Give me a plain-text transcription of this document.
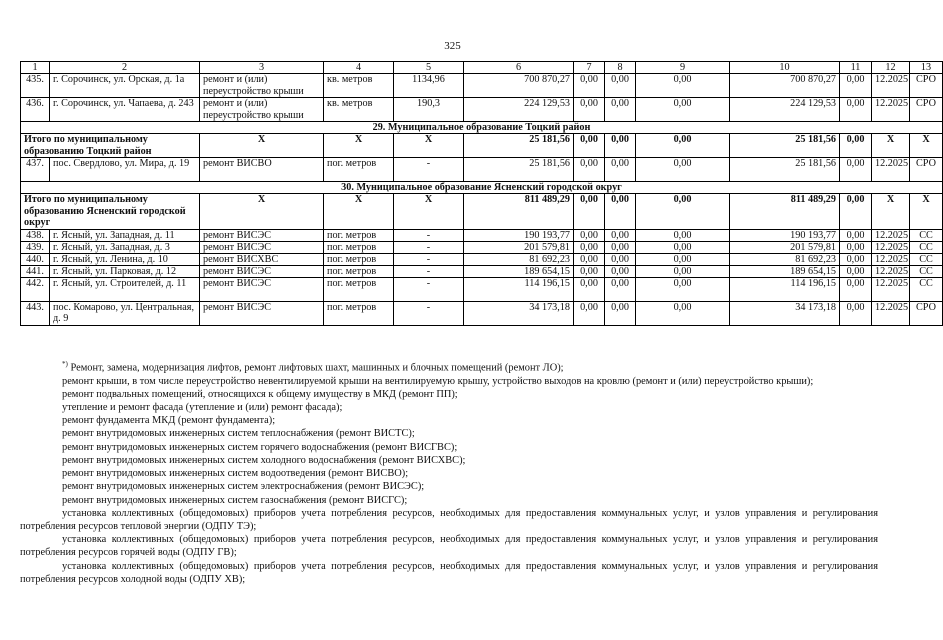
325
1	2	3	4	5	6	7	8	9	10	11	12	13
435.	г. Сорочинск, ул. Орская, д. 1а	ремонт и (или) переустройство крыши	кв. метров	1134,96	700 870,27	0,00	0,00	0,00	700 870,27	0,00	12.2025	СРО
436.	г. Сорочинск, ул. Чапаева, д. 243	ремонт и (или) переустройство крыши	кв. метров	190,3	224 129,53	0,00	0,00	0,00	224 129,53	0,00	12.2025	СРО
29. Муниципальное образование Тоцкий район												
Итого по муниципальному образованию Тоцкий район		Х	Х	Х	25 181,56	0,00	0,00	0,00	25 181,56	0,00	Х	Х
437.	пос. Свердлово, ул. Мира, д. 19	ремонт ВИСВО	пог. метров	-	25 181,56	0,00	0,00	0,00	25 181,56	0,00	12.2025	СРО
30. Муниципальное образование Ясненский городской округ												
Итого по муниципальному образованию Ясненский городской округ		Х	Х	Х	811 489,29	0,00	0,00	0,00	811 489,29	0,00	Х	Х
438.	г. Ясный, ул. Западная, д. 11	ремонт ВИСЭС	пог. метров	-	190 193,77	0,00	0,00	0,00	190 193,77	0,00	12.2025	СС
439.	г. Ясный, ул. Западная, д. 3	ремонт ВИСЭС	пог. метров	-	201 579,81	0,00	0,00	0,00	201 579,81	0,00	12.2025	СС
440.	г. Ясный, ул. Ленина, д. 10	ремонт ВИСХВС	пог. метров	-	81 692,23	0,00	0,00	0,00	81 692,23	0,00	12.2025	СС
441.	г. Ясный, ул. Парковая, д. 12	ремонт ВИСЭС	пог. метров	-	189 654,15	0,00	0,00	0,00	189 654,15	0,00	12.2025	СС
442.	г. Ясный, ул. Строителей, д. 11	ремонт ВИСЭС	пог. метров	-	114 196,15	0,00	0,00	0,00	114 196,15	0,00	12.2025	СС
443.	пос. Комарово, ул. Центральная, д. 9	ремонт ВИСЭС	пог. метров	-	34 173,18	0,00	0,00	0,00	34 173,18	0,00	12.2025	СРО

*) Ремонт, замена, модернизация лифтов, ремонт лифтовых шахт, машинных и блочных помещений (ремонт ЛО);

ремонт крыши, в том числе переустройство невентилируемой крыши на вентилируемую крышу, устройство выходов на кровлю (ремонт и (или) переустройство крыши);

ремонт подвальных помещений, относящихся к общему имуществу в МКД (ремонт ПП);

утепление и ремонт фасада (утепление и (или) ремонт фасада);

ремонт фундамента МКД (ремонт фундамента);

ремонт внутридомовых инженерных систем теплоснабжения (ремонт ВИСТС);

ремонт внутридомовых инженерных систем горячего водоснабжения (ремонт ВИСГВС);

ремонт внутридомовых инженерных систем холодного водоснабжения (ремонт ВИСХВС);

ремонт внутридомовых инженерных систем водоотведения (ремонт ВИСВО);

ремонт внутридомовых инженерных систем электроснабжения (ремонт ВИСЭС);

ремонт внутридомовых инженерных систем газоснабжения (ремонт ВИСГС);

установка коллективных (общедомовых) приборов учета потребления ресурсов, необходимых для предоставления коммунальных услуг, и узлов управления и регулирования потребления ресурсов тепловой энергии (ОДПУ ТЭ);

установка коллективных (общедомовых) приборов учета потребления ресурсов, необходимых для предоставления коммунальных услуг, и узлов управления и регулирования потребления ресурсов горячей воды (ОДПУ ГВ);

установка коллективных (общедомовых) приборов учета потребления ресурсов, необходимых для предоставления коммунальных услуг, и узлов управления и регулирования потребления ресурсов холодной воды (ОДПУ ХВ);
